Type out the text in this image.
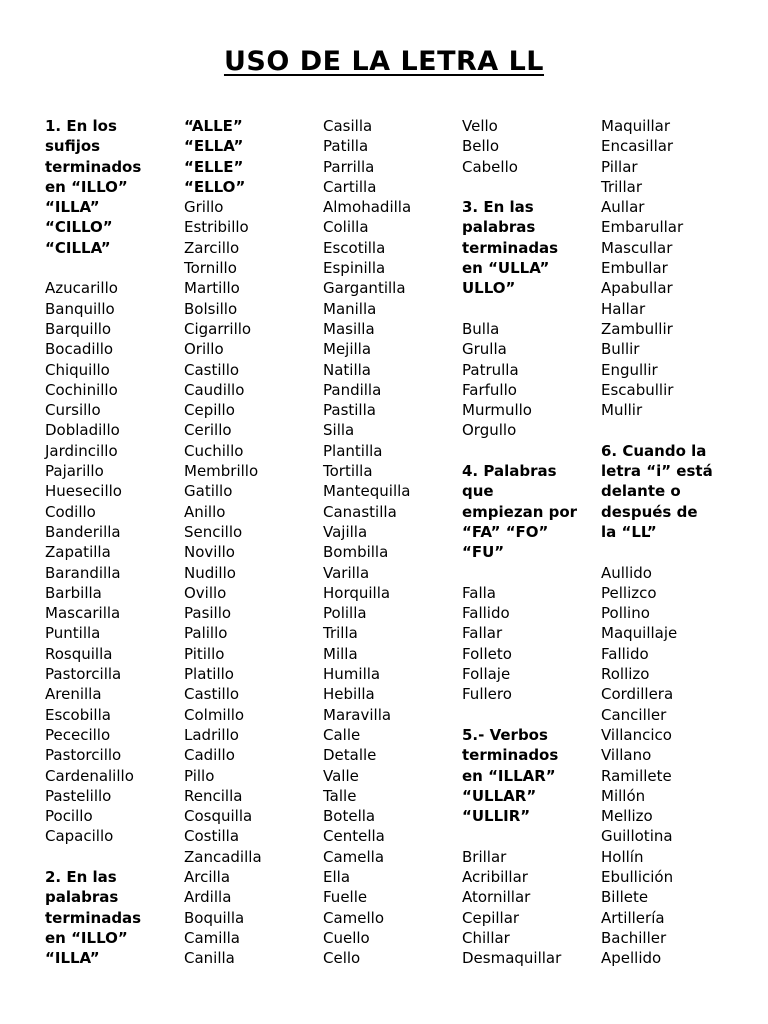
USO DE LA LETRA LL
1. En los
sufijos
terminados
en “ILLO”
“ILLA”
“CILLO”
“CILLA”
Azucarillo
Banquillo
Barquillo
Bocadillo
Chiquillo
Cochinillo
Cursillo
Dobladillo
Jardincillo
Pajarillo
Huesecillo
Codillo
Banderilla
Zapatilla
Barandilla
Barbilla
Mascarilla
Puntilla
Rosquilla
Pastorcilla
Arenilla
Escobilla
Pececillo
Pastorcillo
Cardenalillo
Pastelillo
Pocillo
Capacillo
2. En las
palabras
terminadas
en “ILLO”
“ILLA”
“ALLE”
“ELLA”
“ELLE”
“ELLO”
Grillo
Estribillo
Zarcillo
Tornillo
Martillo
Bolsillo
Cigarrillo
Orillo
Castillo
Caudillo
Cepillo
Cerillo
Cuchillo
Membrillo
Gatillo
Anillo
Sencillo
Novillo
Nudillo
Ovillo
Pasillo
Palillo
Pitillo
Platillo
Castillo
Colmillo
Ladrillo
Cadillo
Pillo
Rencilla
Cosquilla
Costilla
Zancadilla
Arcilla
Ardilla
Boquilla
Camilla
Canilla
Casilla
Patilla
Parrilla
Cartilla
Almohadilla
Colilla
Escotilla
Espinilla
Gargantilla
Manilla
Masilla
Mejilla
Natilla
Pandilla
Pastilla
Silla
Plantilla
Tortilla
Mantequilla
Canastilla
Vajilla
Bombilla
Varilla
Horquilla
Polilla
Trilla
Milla
Humilla
Hebilla
Maravilla
Calle
Detalle
Valle
Talle
Botella
Centella
Camella
Ella
Fuelle
Camello
Cuello
Cello
Vello
Bello
Cabello
3. En las
palabras
terminadas
en “ULLA”
ULLO”
Bulla
Grulla
Patrulla
Farfullo
Murmullo
Orgullo
4. Palabras
que
empiezan por
“FA” “FO”
“FU”
Falla
Fallido
Fallar
Folleto
Follaje
Fullero
5.- Verbos
terminados
en “ILLAR”
“ULLAR”
“ULLIR”
Brillar
Acribillar
Atornillar
Cepillar
Chillar
Desmaquillar
Maquillar
Encasillar
Pillar
Trillar
Aullar
Embarullar
Mascullar
Embullar
Apabullar
Hallar
Zambullir
Bullir
Engullir
Escabullir
Mullir
6. Cuando la
letra “i” está
delante o
después de
la “LL”
Aullido
Pellizco
Pollino
Maquillaje
Fallido
Rollizo
Cordillera
Canciller
Villancico
Villano
Ramillete
Millón
Mellizo
Guillotina
Hollín
Ebullición
Billete
Artillería
Bachiller
Apellido
